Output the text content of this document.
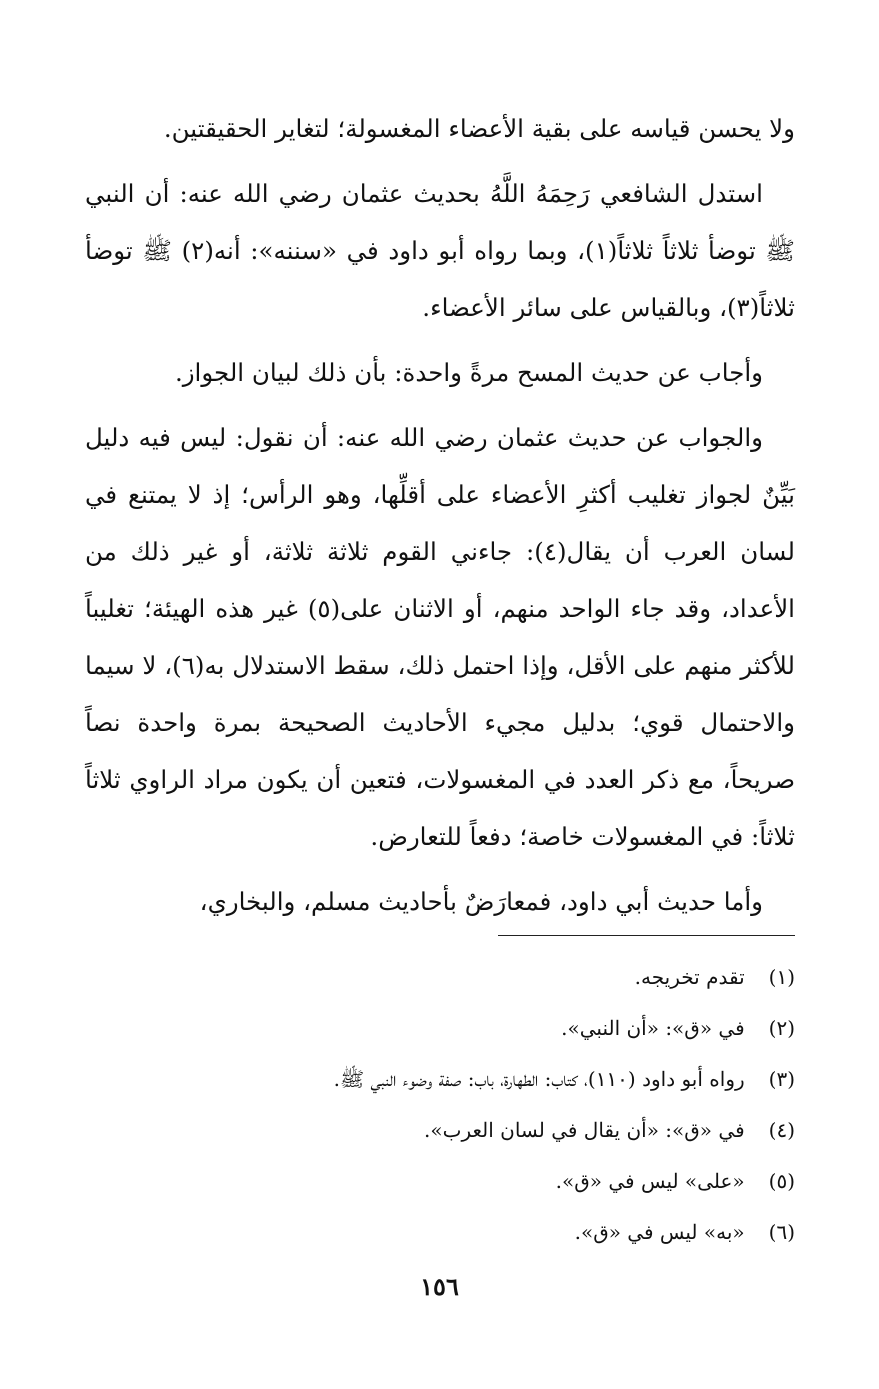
ولا يحسن قياسه على بقية الأعضاء المغسولة؛ لتغاير الحقيقتين.

استدل الشافعي رَحِمَهُ اللَّهُ بحديث عثمان رضي الله عنه: أن النبي ﷺ توضأ ثلاثاً ثلاثاً(١)، وبما رواه أبو داود في «سننه»: أنه(٢) ﷺ توضأ ثلاثاً(٣)، وبالقياس على سائر الأعضاء.

وأجاب عن حديث المسح مرةً واحدة: بأن ذلك لبيان الجواز.

والجواب عن حديث عثمان رضي الله عنه: أن نقول: ليس فيه دليل بَيِّنٌ لجواز تغليب أكثرِ الأعضاء على أقلِّها، وهو الرأس؛ إذ لا يمتنع في لسان العرب أن يقال(٤): جاءني القوم ثلاثة ثلاثة، أو غير ذلك من الأعداد، وقد جاء الواحد منهم، أو الاثنان على(٥) غير هذه الهيئة؛ تغليباً للأكثر منهم على الأقل، وإذا احتمل ذلك، سقط الاستدلال به(٦)، لا سيما والاحتمال قوي؛ بدليل مجيء الأحاديث الصحيحة بمرة واحدة نصاً صريحاً، مع ذكر العدد في المغسولات، فتعين أن يكون مراد الراوي ثلاثاً ثلاثاً: في المغسولات خاصة؛ دفعاً للتعارض.

وأما حديث أبي داود، فمعارَضٌ بأحاديث مسلم، والبخاري،

(١) تقدم تخريجه.
(٢) في «ق»: «أن النبي».
(٣) رواه أبو داود (١١٠)، كتاب: الطهارة، باب: صفة وضوء النبي ﷺ.
(٤) في «ق»: «أن يقال في لسان العرب».
(٥) «على» ليس في «ق».
(٦) «به» ليس في «ق».
١٥٦
